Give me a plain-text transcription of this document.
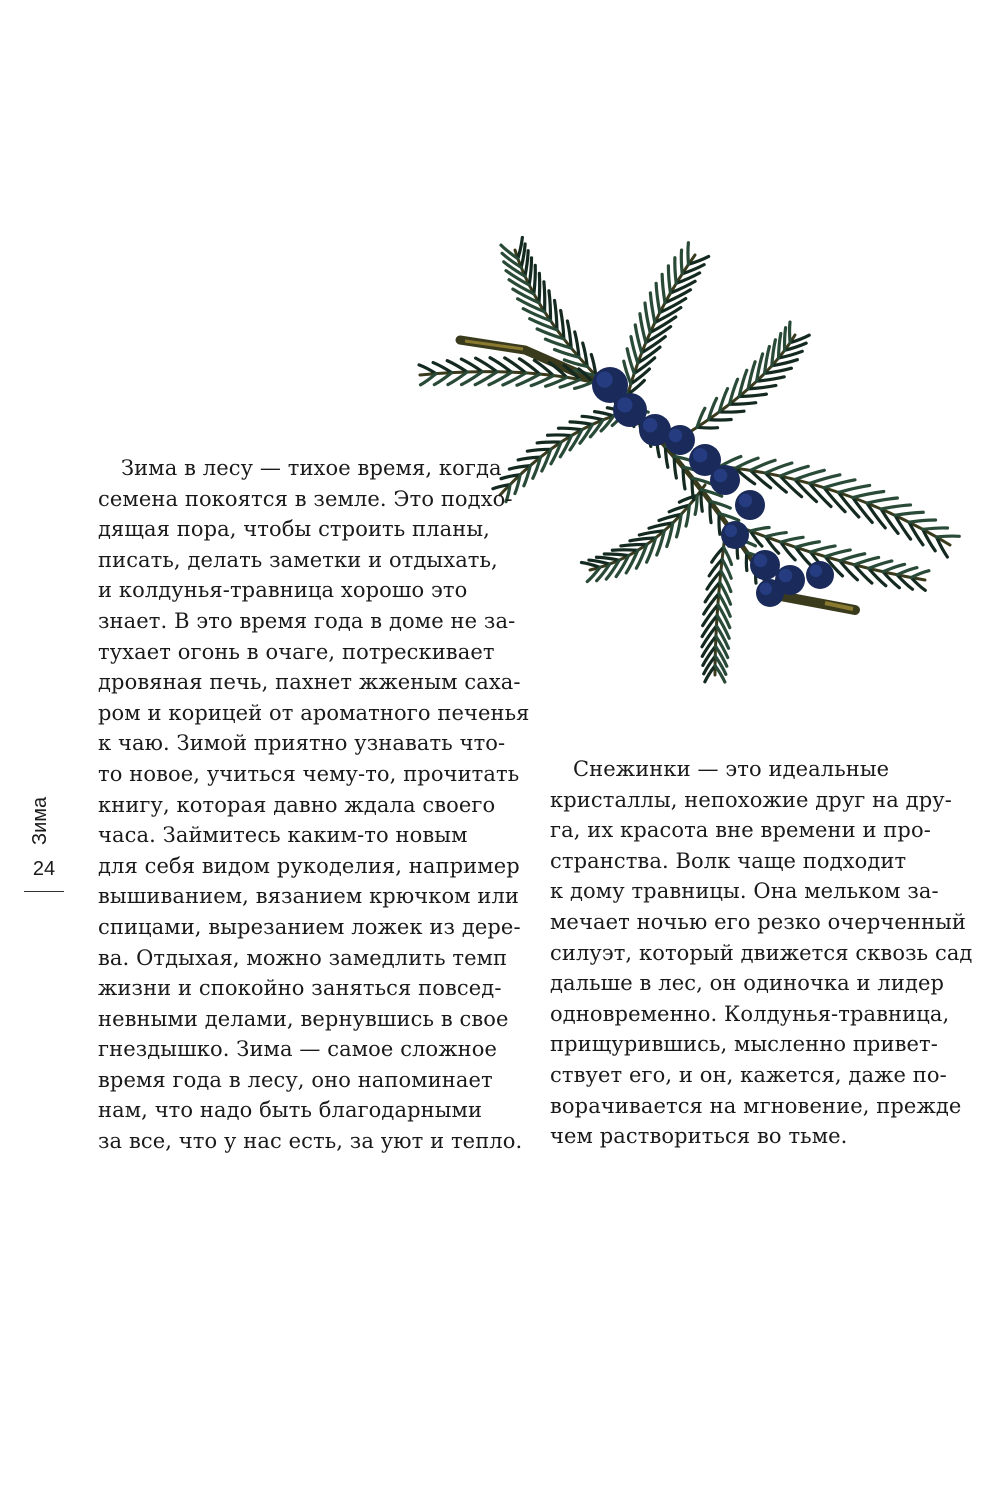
Зима
24
Зима в лесу — тихое время, когда
семена покоятся в земле. Это подхо-
дящая пора, чтобы строить планы,
писать, делать заметки и отдыхать,
и колдунья-травница хорошо это
знает. В это время года в доме не за-
тухает огонь в очаге, потрескивает
дровяная печь, пахнет жженым саха-
ром и корицей от ароматного печенья
к чаю. Зимой приятно узнавать что-
то новое, учиться чему-то, прочитать
книгу, которая давно ждала своего
часа. Займитесь каким-то новым
для себя видом рукоделия, например
вышиванием, вязанием крючком или
спицами, вырезанием ложек из дере-
ва. Отдыхая, можно замедлить темп
жизни и спокойно заняться повсед-
невными делами, вернувшись в свое
гнездышко. Зима — самое сложное
время года в лесу, оно напоминает
нам, что надо быть благодарными
за все, что у нас есть, за уют и тепло.
Снежинки — это идеальные
кристаллы, непохожие друг на дру-
га, их красота вне времени и про-
странства. Волк чаще подходит
к дому травницы. Она мельком за-
мечает ночью его резко очерченный
силуэт, который движется сквозь сад
дальше в лес, он одиночка и лидер
одновременно. Колдунья-травница,
прищурившись, мысленно привет-
ствует его, и он, кажется, даже по-
ворачивается на мгновение, прежде
чем раствориться во тьме.
